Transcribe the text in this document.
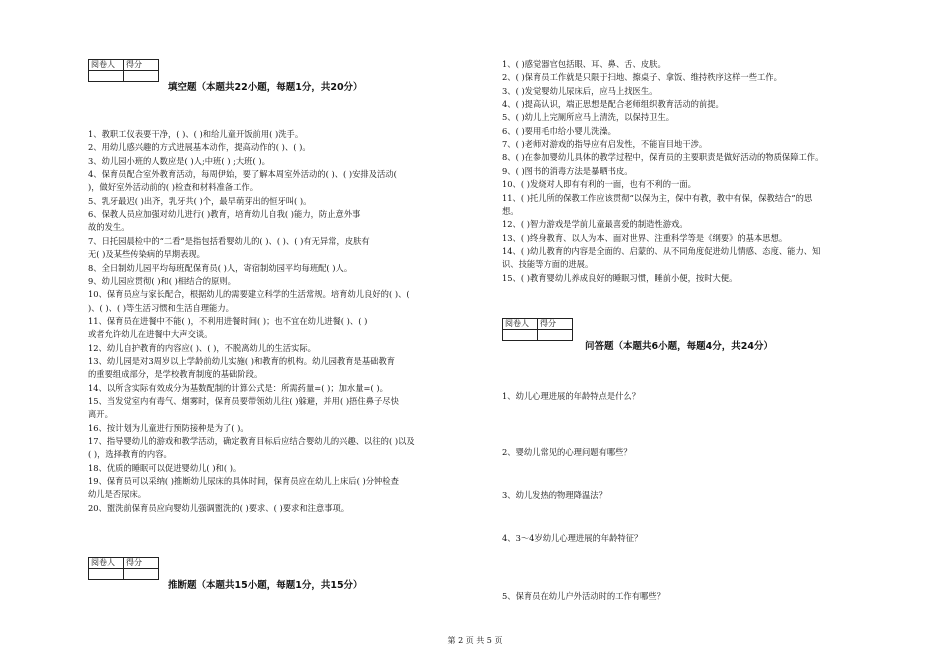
阅卷人	得分

填空题（本题共22小题，每题1分，共20分）
1、教职工仪表要干净，( )、( )和给儿童开饭前用( )洗手。
2、用幼儿感兴趣的方式进展基本动作，提高动作的( )、( )。
3、幼儿园小班的人数应是( )人;中班( ) ;大班( )。
4、保育员配合室外教育活动，每周伊始，要了解本周室外活动的( )、( )安排及活动(
)，做好室外活动前的( )检查和材料准备工作。
5、乳牙最迟( )出齐，乳牙共( )个，最早萌芽出的恒牙叫( )。
6、保教人员应加强对幼儿进行( )教育，培育幼儿自我( )能力，防止意外事
故的发生。
7、日托园晨检中的“二看”是指包括看婴幼儿的( )、( )、( )有无异常，皮肤有
无( )及某些传染病的早期表现。
8、全日制幼儿园平均每班配保育员( )人，寄宿制幼园平均每班配( )人。
9、幼儿园应贯彻( )和( )相结合的原则。
10、保育员应与家长配合，根据幼儿的需要建立科学的生活常规。培育幼儿良好的( )、(
)、( )、( )等生活习惯和生活自理能力。
11、保育员在进餐中不能( )，不利用进餐时间( )；也不宜在幼儿进餐( )、( )
或者允许幼儿在进餐中大声交谈。
12、幼儿自护教育的内容应( )、( )，不脱离幼儿的生活实际。
13、幼儿园是对3周岁以上学龄前幼儿实施( )和教育的机构。幼儿园教育是基础教育
的重要组成部分，是学校教育制度的基础阶段。
14、以所含实际有效成分为基数配制的计算公式是：所需药量=( )；加水量=( )。
15、当发觉室内有毒气、烟雾时，保育员要带领幼儿往( )躲避，并用( )捂住鼻子尽快
离开。
16、按计划为儿童进行预防接种是为了( )。
17、指导婴幼儿的游戏和教学活动，确定教育目标后应结合婴幼儿的兴趣、以往的( )以及
( )，选择教育的内容。
18、优质的睡眠可以促进婴幼儿( )和( )。
19、保育员可以采纳( )推断幼儿尿床的具体时间，保育员应在幼儿上床后( )分钟检查
幼儿是否尿床。
20、盥洗前保育员应向婴幼儿强调盥洗的( )要求、( )要求和注意事项。
阅卷人	得分

推断题（本题共15小题，每题1分，共15分）
1、( )感觉器官包括眼、耳、鼻、舌、皮肤。
2、( )保育员工作就是只限于扫地、擦桌子、拿饭、维持秩序这样一些工作。
3、( )发觉婴幼儿尿床后，应马上找医生。
4、( )提高认识，端正思想是配合老师组织教育活动的前提。
5、( )幼儿上完厕所应马上清洗，以保持卫生。
6、( )要用毛巾给小婴儿洗澡。
7、( )老师对游戏的指导应有启发性，不能盲目地干涉。
8、( )在参加婴幼儿具体的教学过程中，保育员的主要职责是做好活动的物质保障工作。
9、( )图书的消毒方法是暴晒书皮。
10、( )发烧对人即有有利的一面，也有不利的一面。
11、( )托儿所的保教工作应该贯彻“以保为主，保中有教，教中有保，保教结合”的思
想。
12、( )智力游戏是学前儿童最喜爱的制造性游戏。
13、( )终身教育、以人为本、面对世界、注重科学等是《纲要》的基本思想。
14、( )幼儿教育的内容是全面的、启蒙的、从不同角度促进幼儿情感、态度、能力、知
识、技能等方面的进展。
15、( )教育婴幼儿养成良好的睡眠习惯，睡前小便，按时大便。
阅卷人	得分

问答题（本题共6小题，每题4分，共24分）
1、幼儿心理进展的年龄特点是什么？
2、婴幼儿常见的心理问题有哪些？
3、幼儿发热的物理降温法？
4、3～4岁幼儿心理进展的年龄特征？
5、保育员在幼儿户外活动时的工作有哪些？
第 2 页 共 5 页
